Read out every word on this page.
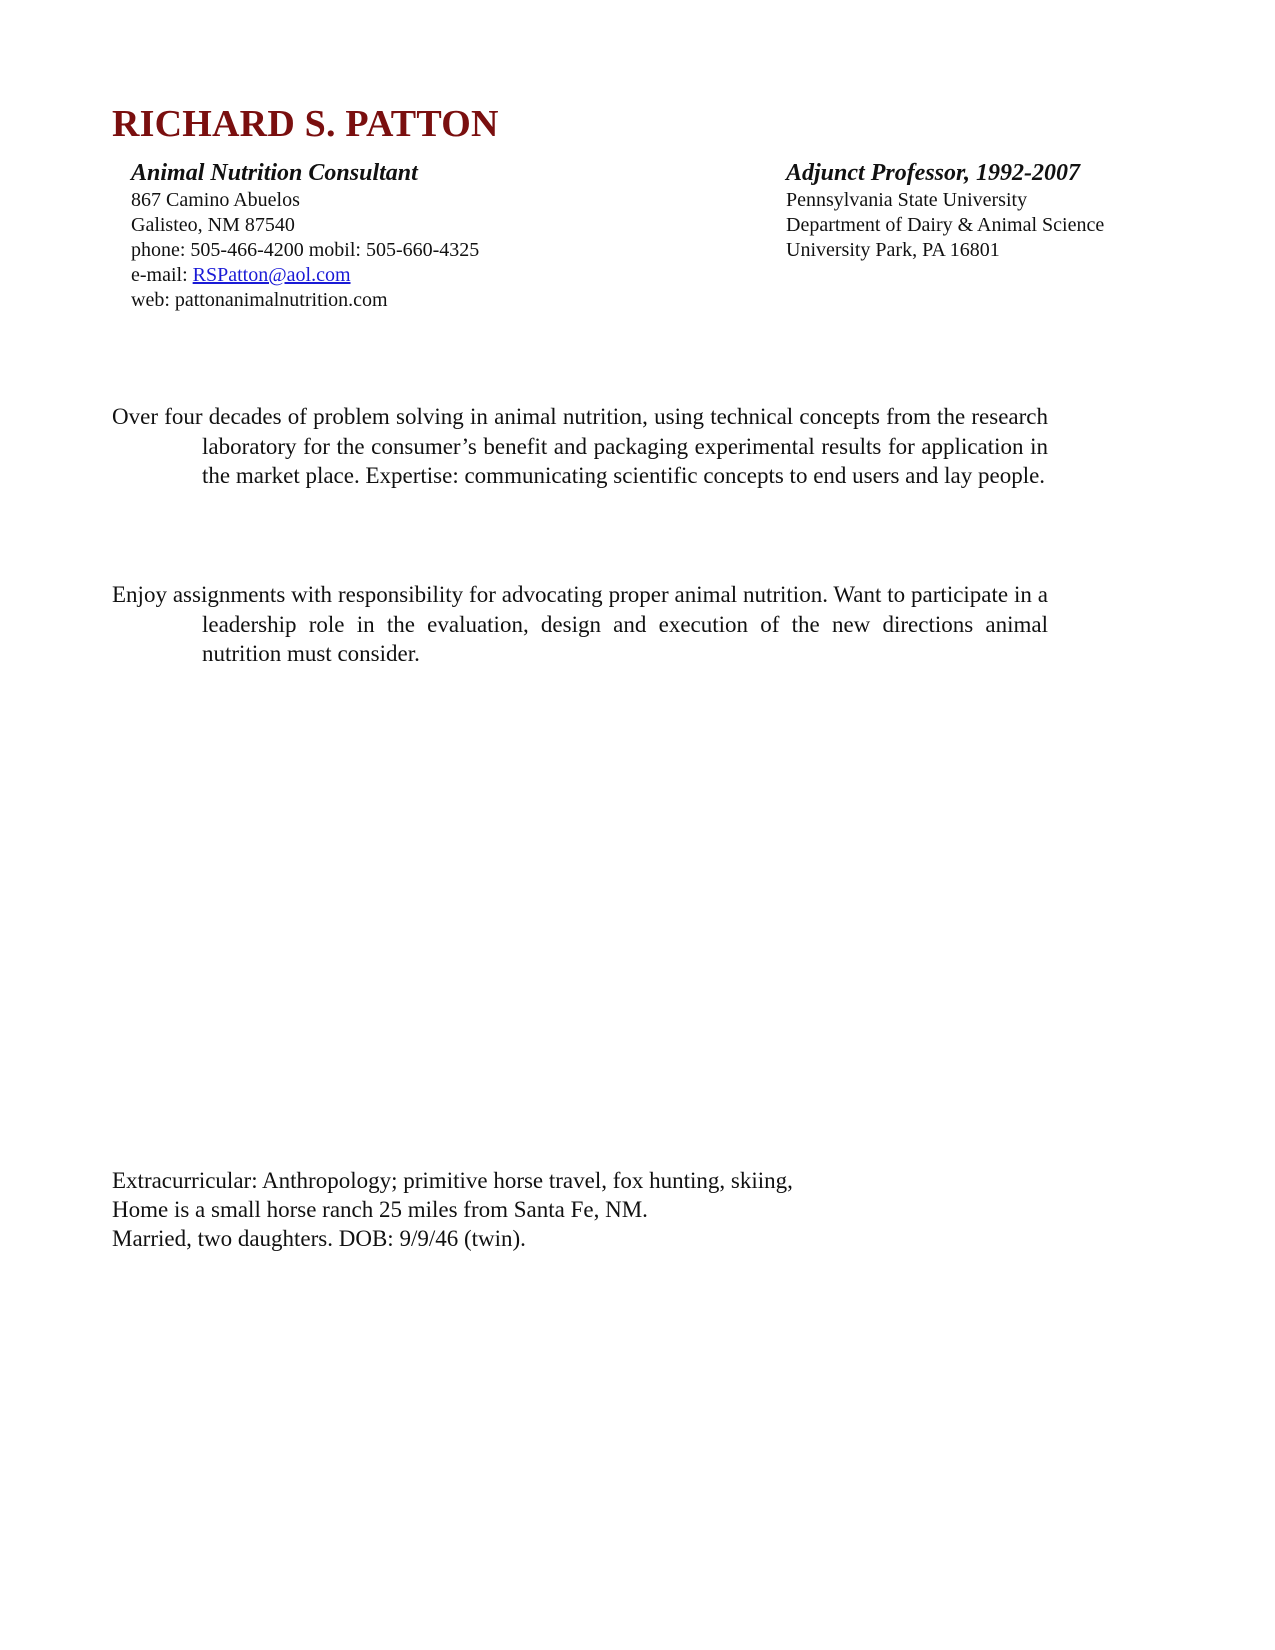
RICHARD S. PATTON
Animal Nutrition Consultant
867 Camino Abuelos
Galisteo, NM 87540
phone: 505-466-4200 mobil: 505-660-4325
e-mail: RSPatton@aol.com
web: pattonanimalnutrition.com
Adjunct Professor, 1992-2007
Pennsylvania State University
Department of Dairy & Animal Science
University Park, PA 16801
Over four decades of problem solving in animal nutrition, using technical concepts from the research laboratory for the consumer’s benefit and packaging experimental results for application in the market place. Expertise: communicating scientific concepts to end users and lay people.
Enjoy assignments with responsibility for advocating proper animal nutrition. Want to participate in a leadership role in the evaluation, design and execution of the new directions animal nutrition must consider.
Extracurricular: Anthropology; primitive horse travel, fox hunting, skiing,
Home is a small horse ranch 25 miles from Santa Fe, NM.
Married, two daughters. DOB: 9/9/46 (twin).
